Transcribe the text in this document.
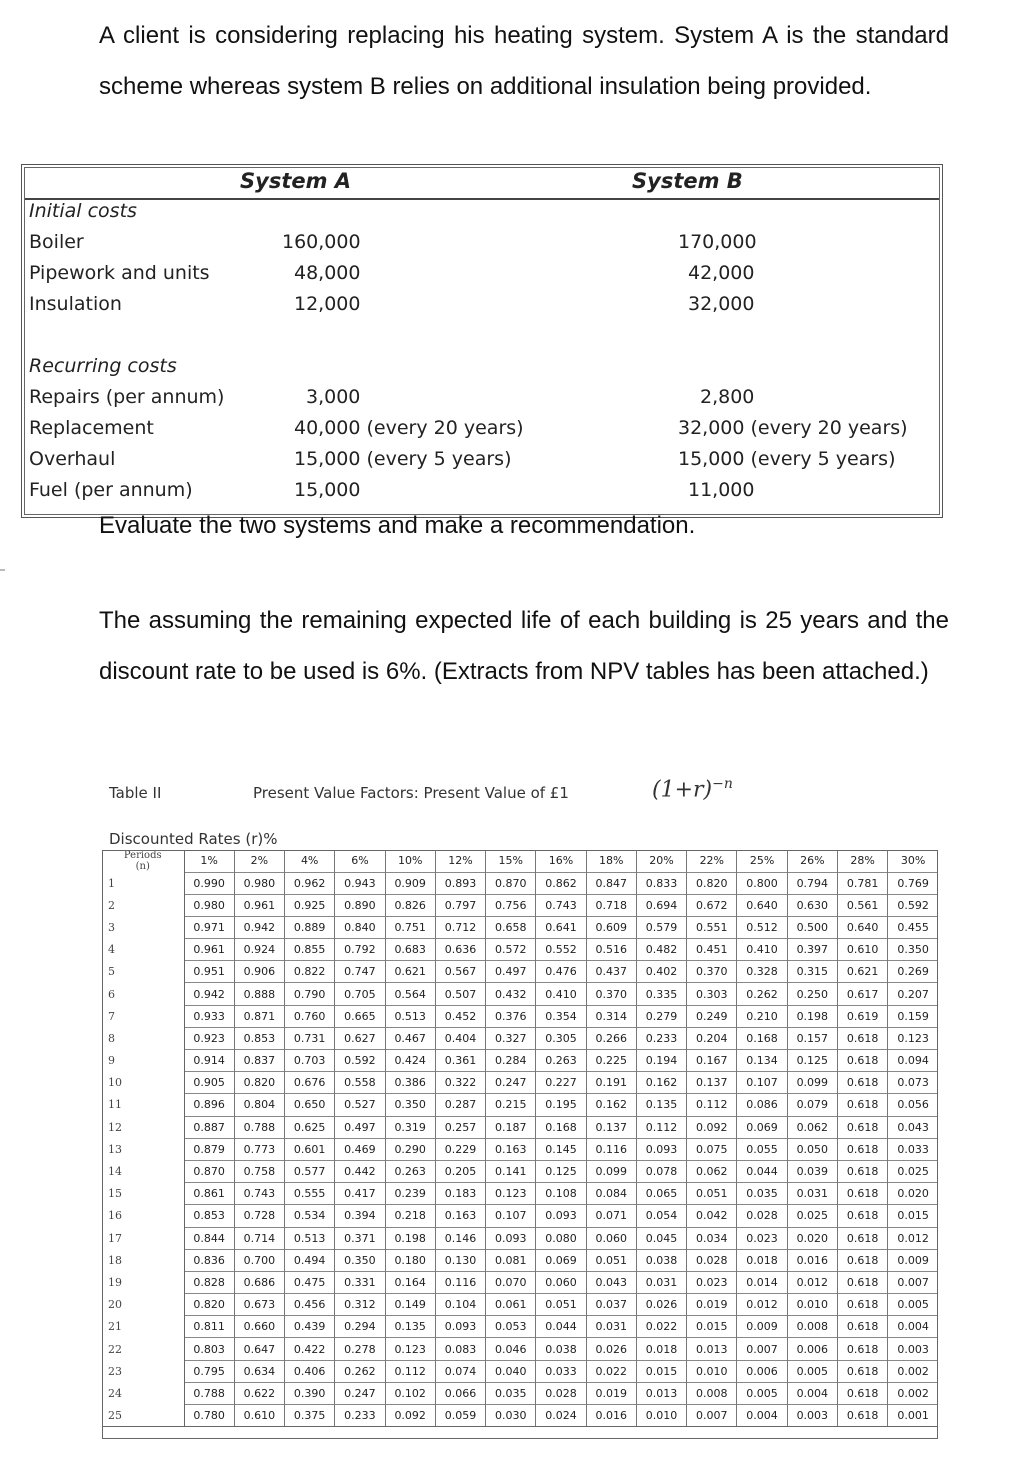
A client is considering replacing his heating system. System A is the standard scheme whereas system B relies on additional insulation being provided.

System A	System B
Initial costs
Boiler	160,000	170,000
Pipework and units	48,000	42,000
Insulation	12,000	32,000
Recurring costs
Repairs (per annum)	3,000	2,800
Replacement	40,000 (every 20 years)	32,000 (every 20 years)
Overhaul	15,000 (every 5 years)	15,000 (every 5 years)
Fuel (per annum)	15,000	11,000

Evaluate the two systems and make a recommendation.

The assuming the remaining expected life of each building is 25 years and the discount rate to be used is 6%. (Extracts from NPV tables has been attached.)

Table II	Present Value Factors: Present Value of £1	$(1+r)^{-n}$
Discounted Rates (r)%
Periods
(n)	1%	2%	4%	6%	10%	12%	15%	16%	18%	20%	22%	25%	26%	28%	30%
1	0.990	0.980	0.962	0.943	0.909	0.893	0.870	0.862	0.847	0.833	0.820	0.800	0.794	0.781	0.769
2	0.980	0.961	0.925	0.890	0.826	0.797	0.756	0.743	0.718	0.694	0.672	0.640	0.630	0.561	0.592
3	0.971	0.942	0.889	0.840	0.751	0.712	0.658	0.641	0.609	0.579	0.551	0.512	0.500	0.640	0.455
4	0.961	0.924	0.855	0.792	0.683	0.636	0.572	0.552	0.516	0.482	0.451	0.410	0.397	0.610	0.350
5	0.951	0.906	0.822	0.747	0.621	0.567	0.497	0.476	0.437	0.402	0.370	0.328	0.315	0.621	0.269
6	0.942	0.888	0.790	0.705	0.564	0.507	0.432	0.410	0.370	0.335	0.303	0.262	0.250	0.617	0.207
7	0.933	0.871	0.760	0.665	0.513	0.452	0.376	0.354	0.314	0.279	0.249	0.210	0.198	0.619	0.159
8	0.923	0.853	0.731	0.627	0.467	0.404	0.327	0.305	0.266	0.233	0.204	0.168	0.157	0.618	0.123
9	0.914	0.837	0.703	0.592	0.424	0.361	0.284	0.263	0.225	0.194	0.167	0.134	0.125	0.618	0.094
10	0.905	0.820	0.676	0.558	0.386	0.322	0.247	0.227	0.191	0.162	0.137	0.107	0.099	0.618	0.073
11	0.896	0.804	0.650	0.527	0.350	0.287	0.215	0.195	0.162	0.135	0.112	0.086	0.079	0.618	0.056
12	0.887	0.788	0.625	0.497	0.319	0.257	0.187	0.168	0.137	0.112	0.092	0.069	0.062	0.618	0.043
13	0.879	0.773	0.601	0.469	0.290	0.229	0.163	0.145	0.116	0.093	0.075	0.055	0.050	0.618	0.033
14	0.870	0.758	0.577	0.442	0.263	0.205	0.141	0.125	0.099	0.078	0.062	0.044	0.039	0.618	0.025
15	0.861	0.743	0.555	0.417	0.239	0.183	0.123	0.108	0.084	0.065	0.051	0.035	0.031	0.618	0.020
16	0.853	0.728	0.534	0.394	0.218	0.163	0.107	0.093	0.071	0.054	0.042	0.028	0.025	0.618	0.015
17	0.844	0.714	0.513	0.371	0.198	0.146	0.093	0.080	0.060	0.045	0.034	0.023	0.020	0.618	0.012
18	0.836	0.700	0.494	0.350	0.180	0.130	0.081	0.069	0.051	0.038	0.028	0.018	0.016	0.618	0.009
19	0.828	0.686	0.475	0.331	0.164	0.116	0.070	0.060	0.043	0.031	0.023	0.014	0.012	0.618	0.007
20	0.820	0.673	0.456	0.312	0.149	0.104	0.061	0.051	0.037	0.026	0.019	0.012	0.010	0.618	0.005
21	0.811	0.660	0.439	0.294	0.135	0.093	0.053	0.044	0.031	0.022	0.015	0.009	0.008	0.618	0.004
22	0.803	0.647	0.422	0.278	0.123	0.083	0.046	0.038	0.026	0.018	0.013	0.007	0.006	0.618	0.003
23	0.795	0.634	0.406	0.262	0.112	0.074	0.040	0.033	0.022	0.015	0.010	0.006	0.005	0.618	0.002
24	0.788	0.622	0.390	0.247	0.102	0.066	0.035	0.028	0.019	0.013	0.008	0.005	0.004	0.618	0.002
25	0.780	0.610	0.375	0.233	0.092	0.059	0.030	0.024	0.016	0.010	0.007	0.004	0.003	0.618	0.001
